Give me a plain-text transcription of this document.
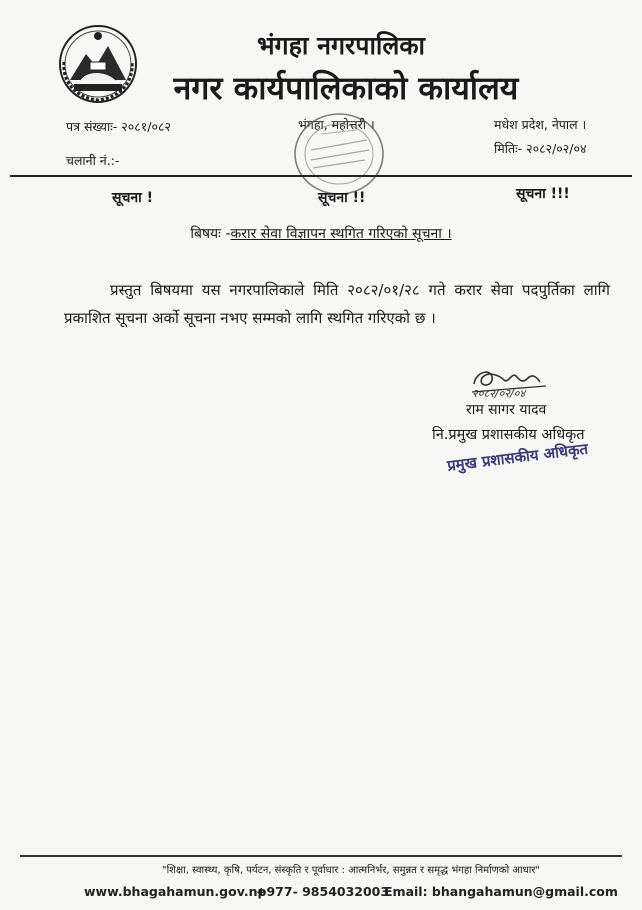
भंगहा नगरपालिका
नगर कार्यपालिकाको कार्यालय
पत्र संख्याः- २०८१/०८२	भंगहा, महोत्तरी ।	मधेश प्रदेश, नेपाल ।
चलानी नं.:-
मितिः- २०८२/०२/०४
सूचना !	सूचना !!	सूचना !!!
बिषयः -करार सेवा विज्ञापन स्थगित गरिएको सूचना ।
प्रस्तुत बिषयमा यस नगरपालिकाले मिति २०८२/०१/२८ गते करार सेवा पदपुर्तिका लागि प्रकाशित सूचना अर्को सूचना नभए सम्मको लागि स्थगित गरिएको छ ।
२०८२/०२/०४
राम सागर यादव
नि.प्रमुख प्रशासकीय अधिकृत
प्रमुख प्रशासकीय अधिकृत
"शिक्षा, स्वास्थ्य, कृषि, पर्यटन, संस्कृति र पूर्वाधार : आत्मनिर्भर, समुन्नत र समृद्ध भंगहा निर्माणको आधार"
www.bhagahamun.gov.np
+977- 9854032003
Email: bhangahamun@gmail.com
